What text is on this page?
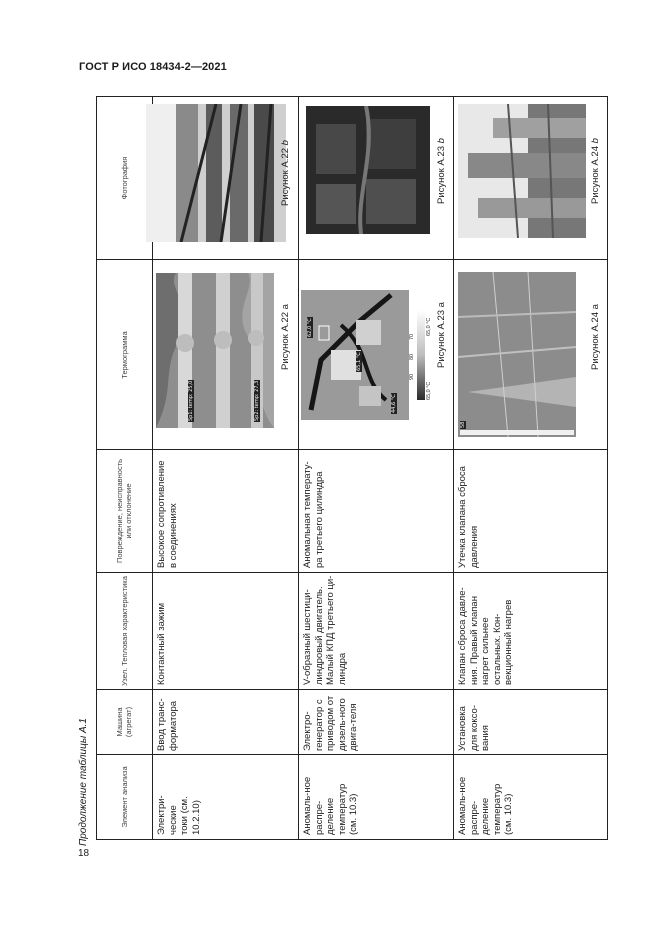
ГОСТ Р ИСО 18434-2—2021
18
Продолжение таблицы А.1	Элемент анализа
Машина (агрегат)
Узел. Тепловая характеристика
Повреждение, неисправность или отклонение
Термограмма
Фотография
Электри-ческие токи (см. 10.2.10)
Ввод транс-форматора
Контактный зажим
Высокое сопротивление в соединениях
Sp1: temp: 25,0	Sp2: temp: 27,3
Рисунок А.22 а
Рисунок А.22 b
Аномаль-ное распре-деление температур (см. 10.3)
Электро-генератор с приводом от дизель-ного двига-теля
V-образный шестици-линдровый двигатель. Малый КПД третьего ци-линдра
Аномальная температу-ра третьего цилиндра
62,0 °С
65,1 °С
44,6 °С
65,0 °С
90
80
70
65,0 °С Рисунок А.23 а
Рисунок А.23 b
Аномаль-ное распре-деление температур (см. 10.3)
Установка для коксо-вания
Клапан сброса давле-ния. Правый клапан нагрет сильнее остальных. Кон-векционный нагрев
Утечка клапана сброса давления
58
Рисунок А.24 а
Рисунок А.24 b
